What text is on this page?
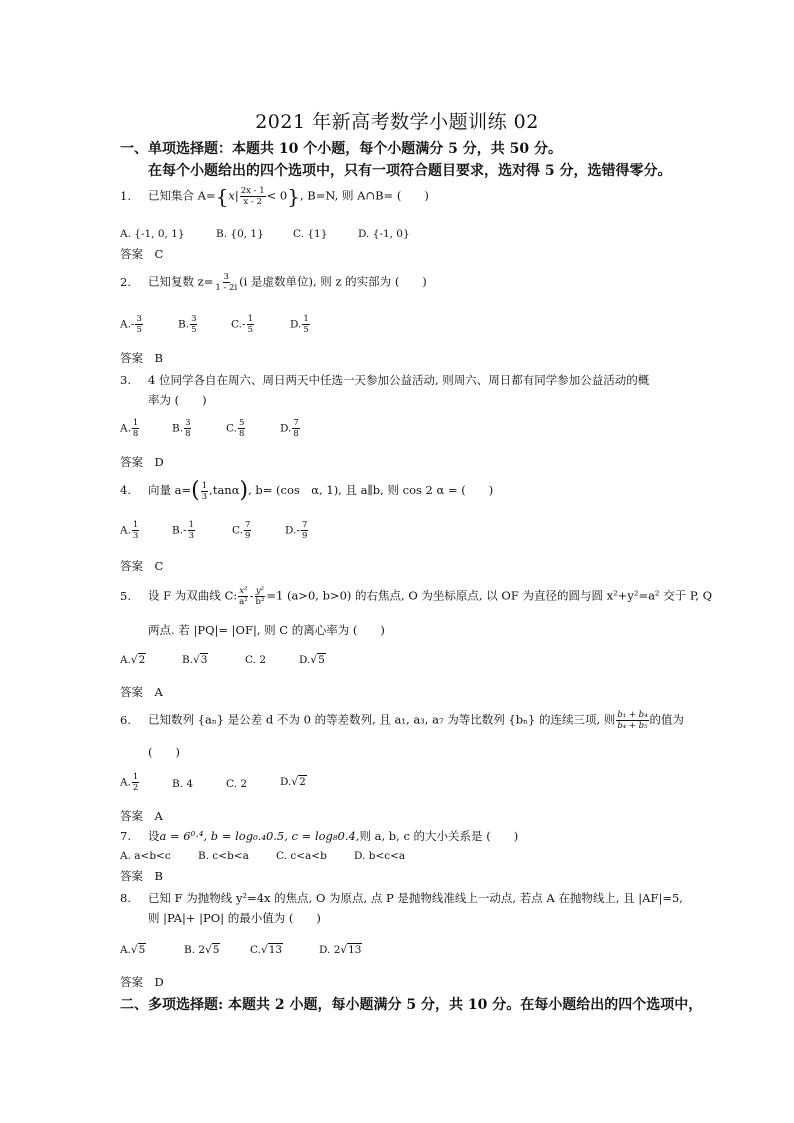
2021 年新高考数学小题训练 02
一、单项选择题：本题共 10 个小题，每个小题满分 5 分，共 50 分。
在每个小题给出的四个选项中，只有一项符合题目要求，选对得 5 分，选错得零分。
1. 已知集合 $A=\{x| \frac{2x - 1}{x - 2} < 0\}$, B=N, 则 A∩B= (　　)
A. {-1, 0, 1}	B. {0, 1}	C. {1}	D. {-1, 0}
答案　C
2. 已知复数 $z= \frac{3}{1 - 2i} (i$ 是虚数单位), 则 z 的实部为 (　　)
$A.- \frac{3}{5}$	B. $\frac{3}{5}$	$C.- \frac{1}{5}$	D. $\frac{1}{5}$
答案　B
3. 4 位同学各自在周六、周日两天中任选一天参加公益活动, 则周六、周日都有同学参加公益活动的概
率为 (　　)
A. $\frac{1}{8}$	B. $\frac{3}{8}$	C. $\frac{5}{8}$	D. $\frac{7}{8}$
答案　D
4. 向量 $a=( \frac{1}{3} ,\tan\alpha)$, b= (cos　α, 1), 且 a∥b, 则 cos 2 α = (　　)
A. $\frac{1}{3}$	$B.- \frac{1}{3}$	C. $\frac{7}{9}$	$D.- \frac{7}{9}$
答案　C
5. 设 F 为双曲线 C: $\frac{\text{x²}}{\text{a²}} - \frac{\text{y²}}{\text{b²}} =1$ (a>0, b>0) 的右焦点, O 为坐标原点, 以 OF 为直径的圆与圆 x²+y²=a² 交于 P, Q
两点. 若 |PQ|= |OF|, 则 C 的离心率为 (　　)
A.√2	B.√3	C. 2	D.√5
答案　A
6. 已知数列 {aₙ} 是公差 d 不为 0 的等差数列, 且 a₁, a₃, a₇ 为等比数列 {bₙ} 的连续三项, 则 $\frac{\text{b₁ + b₄}}{\text{b₄ + b₅}}$ 的值为
(　　)
A. $\frac{1}{2}$	B. 4	C. 2	D.√2
答案　A
7. 设a = 6⁰·⁴, b = log₀.₄0.5, c = log₈0.4,则 a, b, c 的大小关系是 (　　)
A. a<b<c	B. c<b<a	C. c<a<b	D. b<c<a
答案　B
8. 已知 F 为抛物线 y²=4x 的焦点, O 为原点, 点 P 是抛物线准线上一动点, 若点 A 在抛物线上, 且 |AF|=5,
则 |PA|+ |PO| 的最小值为 (　　)
A.√5	B. 2√5	C.√13	D. 2√13
答案　D
二、多项选择题: 本题共 2 小题，每小题满分 5 分，共 10 分。在每小题给出的四个选项中，
